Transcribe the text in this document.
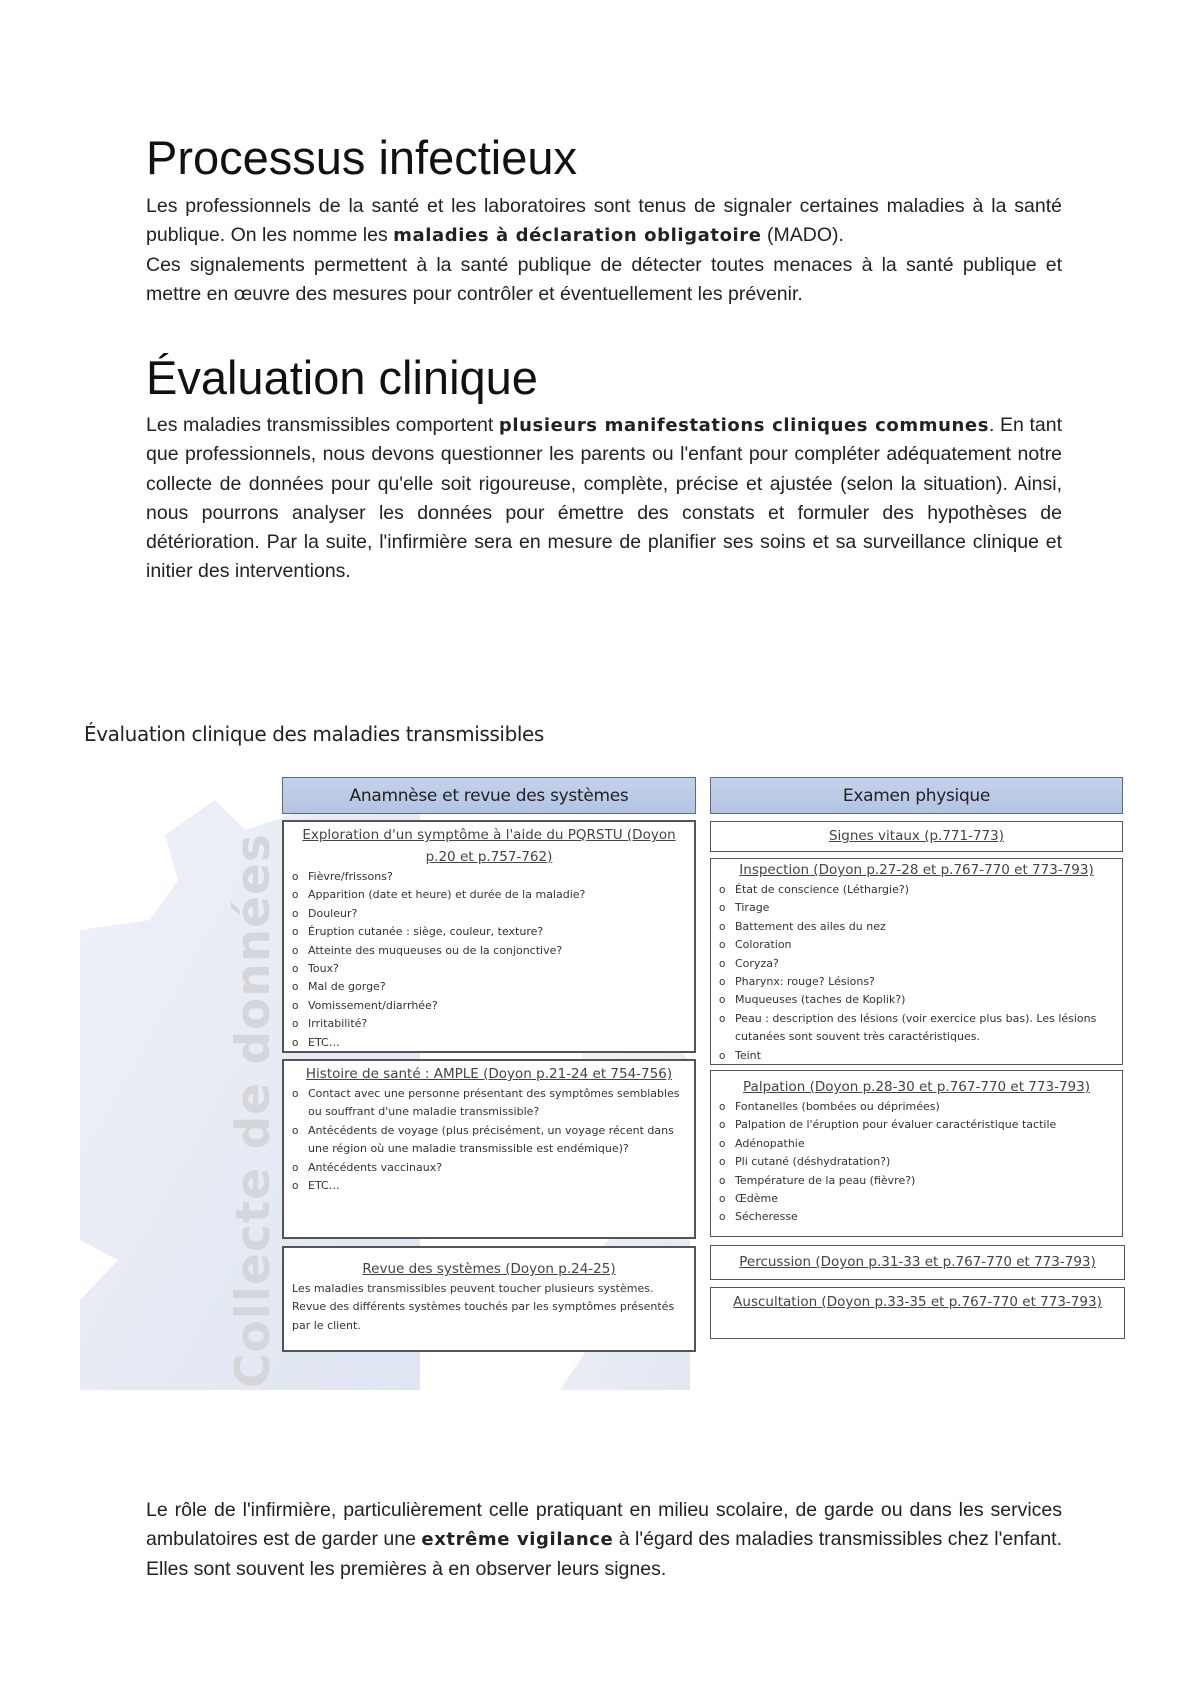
Processus infectieux

Les professionnels de la santé et les laboratoires sont tenus de signaler certaines maladies à la santé publique. On les nomme les maladies à déclaration obligatoire (MADO).
Ces signalements permettent à la santé publique de détecter toutes menaces à la santé publique et mettre en œuvre des mesures pour contrôler et éventuellement les prévenir.

Évaluation clinique

Les maladies transmissibles comportent plusieurs manifestations cliniques communes. En tant que professionnels, nous devons questionner les parents ou l'enfant pour compléter adéquatement notre collecte de données pour qu'elle soit rigoureuse, complète, précise et ajustée (selon la situation). Ainsi, nous pourrons analyser les données pour émettre des constats et formuler des hypothèses de détérioration. Par la suite, l'infirmière sera en mesure de planifier ses soins et sa surveillance clinique et initier des interventions.

Collecte de données
Évaluation clinique des maladies transmissibles
Anamnèse et revue des systèmes
Exploration d'un symptôme à l'aide du PQRSTU (Doyon p.20 et p.757-762)
o Fièvre/frissons?
o Apparition (date et heure) et durée de la maladie?
o Douleur?
o Éruption cutanée : siège, couleur, texture?
o Atteinte des muqueuses ou de la conjonctive?
o Toux?
o Mal de gorge?
o Vomissement/diarrhée?
o Irritabilité?
o ETC…
Histoire de santé : AMPLE (Doyon p.21-24 et 754-756)
o Contact avec une personne présentant des symptômes semblables ou souffrant d'une maladie transmissible?
o Antécédents de voyage (plus précisément, un voyage récent dans une région où une maladie transmissible est endémique)?
o Antécédents vaccinaux?
o ETC…
Revue des systèmes (Doyon p.24-25)
Les maladies transmissibles peuvent toucher plusieurs systèmes. Revue des différents systèmes touchés par les symptômes présentés par le client.
Examen physique
Signes vitaux (p.771-773)
Inspection (Doyon p.27-28 et p.767-770 et 773-793)
o État de conscience (Léthargie?)
o Tirage
o Battement des ailes du nez
o Coloration
o Coryza?
o Pharynx: rouge? Lésions?
o Muqueuses (taches de Koplik?)
o Peau : description des lésions (voir exercice plus bas). Les lésions cutanées sont souvent très caractéristiques.
o Teint
Palpation (Doyon p.28-30 et p.767-770 et 773-793)
o Fontanelles (bombées ou déprimées)
o Palpation de l'éruption pour évaluer caractéristique tactile
o Adénopathie
o Pli cutané (déshydratation?)
o Température de la peau (fièvre?)
o Œdème
o Sécheresse
Percussion (Doyon p.31-33 et p.767-770 et 773-793)
Auscultation (Doyon p.33-35 et p.767-770 et 773-793)

Le rôle de l'infirmière, particulièrement celle pratiquant en milieu scolaire, de garde ou dans les services ambulatoires est de garder une extrême vigilance à l'égard des maladies transmissibles chez l'enfant. Elles sont souvent les premières à en observer leurs signes.
